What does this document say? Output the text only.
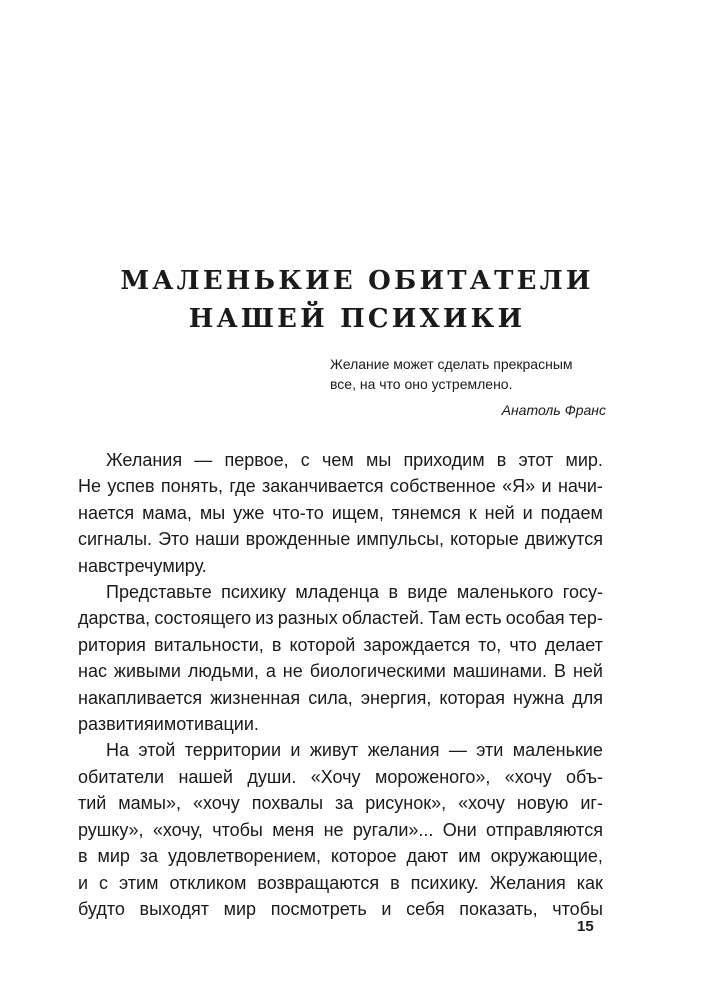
МАЛЕНЬКИЕ ОБИТАТЕЛИ
НАШЕЙ ПСИХИКИ
Желание может сделать прекрасным
все, на что оно устремлено.
Анатоль Франс
Желания — первое, с чем мы приходим в этот мир.
Не успев понять, где заканчивается собственное «Я» и начи-
нается мама, мы уже что-то ищем, тянемся к ней и подаем
сигналы. Это наши врожденные импульсы, которые движутся
навстречу миру.
Представьте психику младенца в виде маленького госу-
дарства, состоящего из разных областей. Там есть особая тер-
ритория витальности, в которой зарождается то, что делает
нас живыми людьми, а не биологическими машинами. В ней
накапливается жизненная сила, энергия, которая нужна для
развития и мотивации.
На этой территории и живут желания — эти маленькие
обитатели нашей души. «Хочу мороженого», «хочу объ-
тий мамы», «хочу похвалы за рисунок», «хочу новую иг-
рушку», «хочу, чтобы меня не ругали»... Они отправляются
в мир за удовлетворением, которое дают им окружающие,
и с этим откликом возвращаются в психику. Желания как
будто выходят мир посмотреть и себя показать, чтобы
15
